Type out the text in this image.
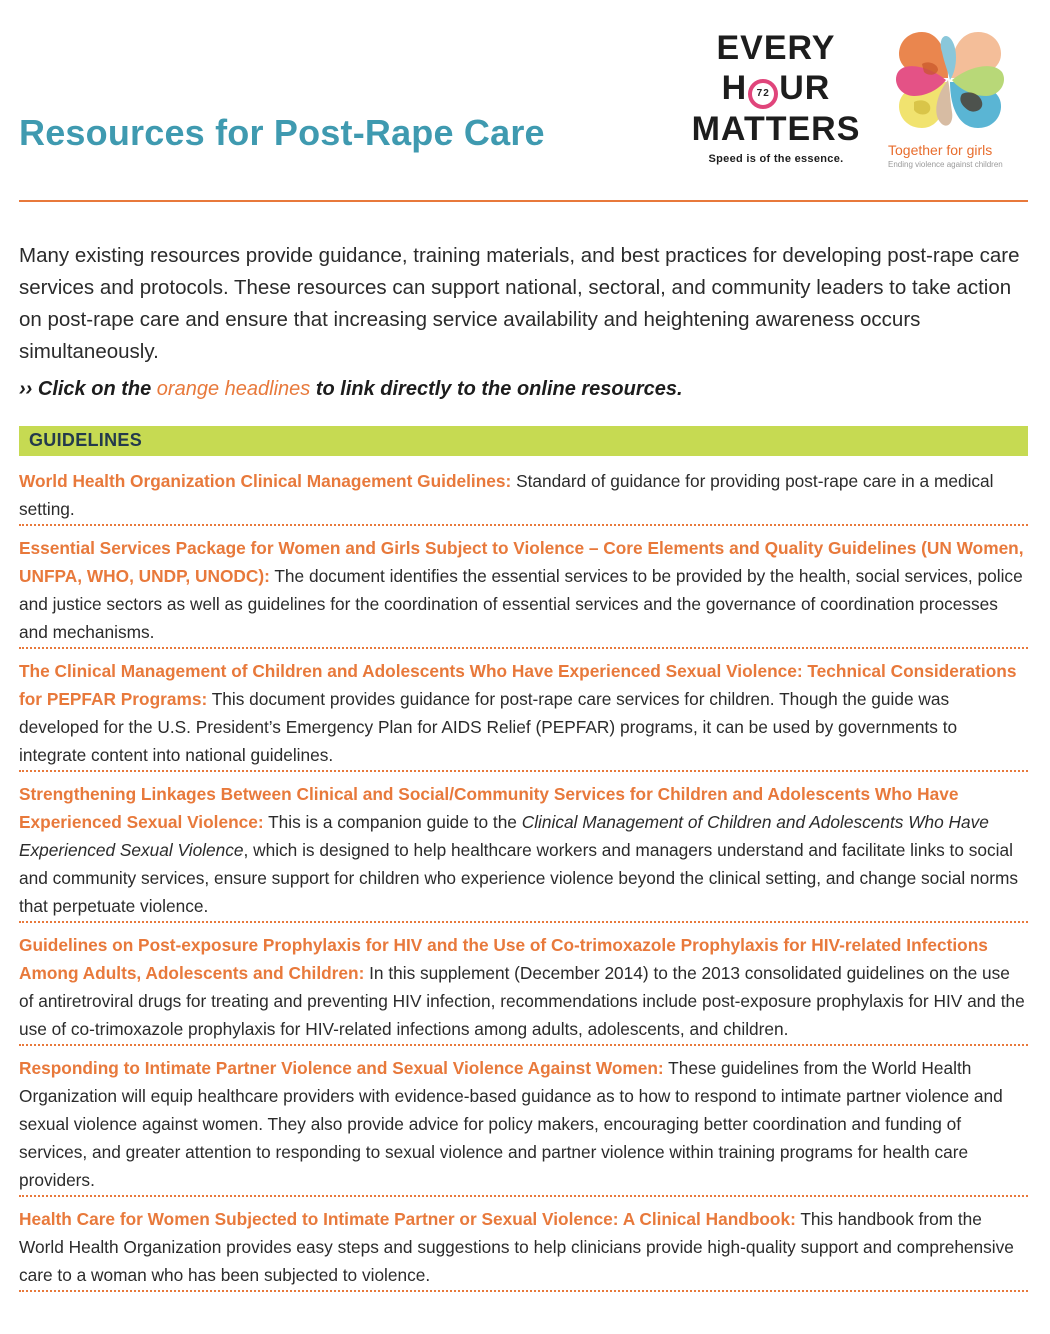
Resources for Post-Rape Care
EVERY
H 72 UR
MATTERS
Speed is of the essence.
Together for girls
Ending violence against children

Many existing resources provide guidance, training materials, and best practices for developing post-rape care services and protocols. These resources can support national, sectoral, and community leaders to take action on post-rape care and ensure that increasing service availability and heightening awareness occurs simultaneously.

›› Click on the orange headlines to link directly to the online resources.

GUIDELINES
World Health Organization Clinical Management Guidelines: Standard of guidance for providing post-rape care in a medical setting.
Essential Services Package for Women and Girls Subject to Violence – Core Elements and Quality Guidelines (UN Women, UNFPA, WHO, UNDP, UNODC): The document identifies the essential services to be provided by the health, social services, police and justice sectors as well as guidelines for the coordination of essential services and the governance of coordination processes and mechanisms.
The Clinical Management of Children and Adolescents Who Have Experienced Sexual Violence: Technical Considerations for PEPFAR Programs: This document provides guidance for post-rape care services for children. Though the guide was developed for the U.S. President’s Emergency Plan for AIDS Relief (PEPFAR) programs, it can be used by governments to integrate content into national guidelines.
Strengthening Linkages Between Clinical and Social/Community Services for Children and Adolescents Who Have Experienced Sexual Violence: This is a companion guide to the Clinical Management of Children and Adolescents Who Have Experienced Sexual Violence, which is designed to help healthcare workers and managers understand and facilitate links to social and community services, ensure support for children who experience violence beyond the clinical setting, and change social norms that perpetuate violence.
Guidelines on Post-exposure Prophylaxis for HIV and the Use of Co-trimoxazole Prophylaxis for HIV-related Infections Among Adults, Adolescents and Children: In this supplement (December 2014) to the 2013 consolidated guidelines on the use of antiretroviral drugs for treating and preventing HIV infection, recommendations include post-exposure prophylaxis for HIV and the use of co-trimoxazole prophylaxis for HIV-related infections among adults, adolescents, and children.
Responding to Intimate Partner Violence and Sexual Violence Against Women: These guidelines from the World Health Organization will equip healthcare providers with evidence-based guidance as to how to respond to intimate partner violence and sexual violence against women. They also provide advice for policy makers, encouraging better coordination and funding of services, and greater attention to responding to sexual violence and partner violence within training programs for health care providers.
Health Care for Women Subjected to Intimate Partner or Sexual Violence: A Clinical Handbook: This handbook from the World Health Organization provides easy steps and suggestions to help clinicians provide high-quality support and comprehensive care to a woman who has been subjected to violence.
